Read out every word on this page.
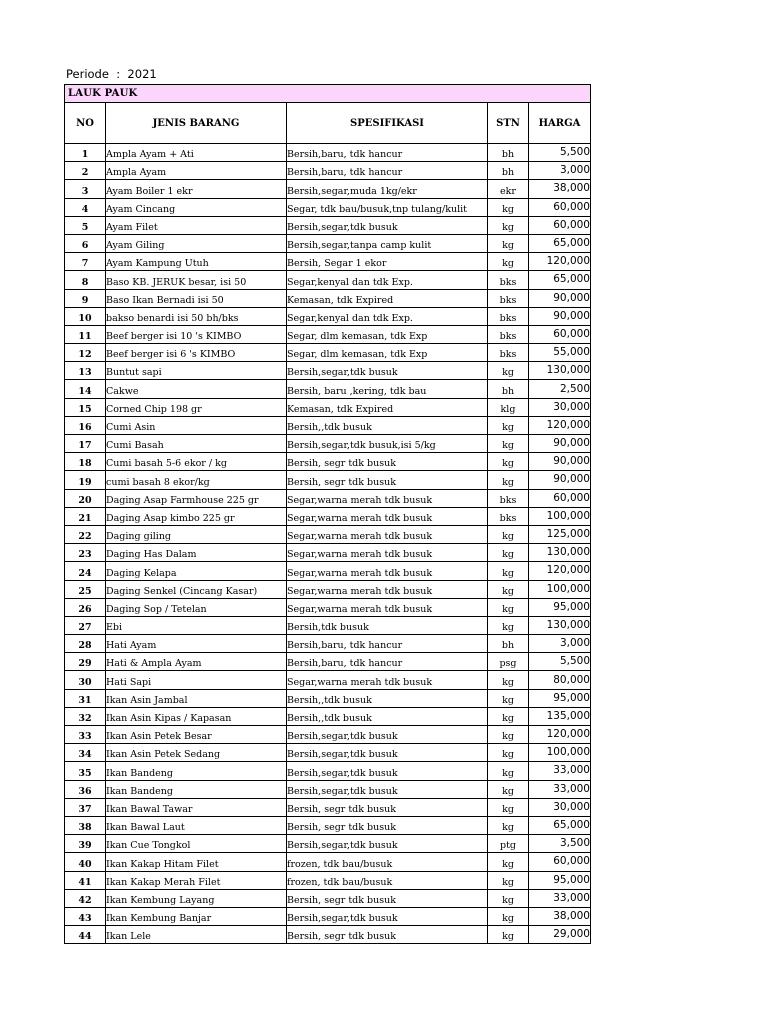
Periode  :  2021
LAUK PAUK				
NO	JENIS BARANG	SPESIFIKASI	STN	HARGA
1	Ampla Ayam + Ati	Bersih,baru, tdk hancur	bh	5,500
2	Ampla Ayam	Bersih,baru, tdk hancur	bh	3,000
3	Ayam Boiler 1 ekr	Bersih,segar,muda 1kg/ekr	ekr	38,000
4	Ayam Cincang	Segar, tdk bau/busuk,tnp tulang/kulit	kg	60,000
5	Ayam Filet	Bersih,segar,tdk busuk	kg	60,000
6	Ayam Giling	Bersih,segar,tanpa camp kulit	kg	65,000
7	Ayam Kampung Utuh	Bersih, Segar 1 ekor	kg	120,000
8	Baso KB. JERUK besar, isi 50	Segar,kenyal dan tdk Exp.	bks	65,000
9	Baso Ikan Bernadi isi 50	Kemasan, tdk Expired	bks	90,000
10	bakso benardi isi 50 bh/bks	Segar,kenyal dan tdk Exp.	bks	90,000
11	Beef berger isi 10 's KIMBO	Segar, dlm kemasan, tdk Exp	bks	60,000
12	Beef berger isi 6 's KIMBO	Segar, dlm kemasan, tdk Exp	bks	55,000
13	Buntut sapi	Bersih,segar,tdk busuk	kg	130,000
14	Cakwe	Bersih, baru ,kering, tdk bau	bh	2,500
15	Corned Chip 198 gr	Kemasan, tdk Expired	klg	30,000
16	Cumi Asin	Bersih,,tdk busuk	kg	120,000
17	Cumi Basah	Bersih,segar,tdk busuk,isi 5/kg	kg	90,000
18	Cumi basah 5-6 ekor / kg	Bersih, segr tdk busuk	kg	90,000
19	cumi basah 8 ekor/kg	Bersih, segr tdk busuk	kg	90,000
20	Daging Asap Farmhouse 225 gr	Segar,warna merah tdk busuk	bks	60,000
21	Daging Asap kimbo 225 gr	Segar,warna merah tdk busuk	bks	100,000
22	Daging giling	Segar,warna merah tdk busuk	kg	125,000
23	Daging Has Dalam	Segar,warna merah tdk busuk	kg	130,000
24	Daging Kelapa	Segar,warna merah tdk busuk	kg	120,000
25	Daging Senkel (Cincang Kasar)	Segar,warna merah tdk busuk	kg	100,000
26	Daging Sop / Tetelan	Segar,warna merah tdk busuk	kg	95,000
27	Ebi	Bersih,tdk busuk	kg	130,000
28	Hati Ayam	Bersih,baru, tdk hancur	bh	3,000
29	Hati & Ampla Ayam	Bersih,baru, tdk hancur	psg	5,500
30	Hati Sapi	Segar,warna merah tdk busuk	kg	80,000
31	Ikan Asin Jambal	Bersih,,tdk busuk	kg	95,000
32	Ikan Asin Kipas / Kapasan	Bersih,,tdk busuk	kg	135,000
33	Ikan Asin Petek Besar	Bersih,segar,tdk busuk	kg	120,000
34	Ikan Asin Petek Sedang	Bersih,segar,tdk busuk	kg	100,000
35	Ikan Bandeng	Bersih,segar,tdk busuk	kg	33,000
36	Ikan Bandeng	Bersih,segar,tdk busuk	kg	33,000
37	Ikan Bawal Tawar	Bersih, segr tdk busuk	kg	30,000
38	Ikan Bawal Laut	Bersih, segr tdk busuk	kg	65,000
39	Ikan Cue Tongkol	Bersih,segar,tdk busuk	ptg	3,500
40	Ikan Kakap Hitam Filet	frozen, tdk bau/busuk	kg	60,000
41	Ikan Kakap Merah Filet	frozen, tdk bau/busuk	kg	95,000
42	Ikan Kembung Layang	Bersih, segr tdk busuk	kg	33,000
43	Ikan Kembung Banjar	Bersih,segar,tdk busuk	kg	38,000
44	Ikan Lele	Bersih, segr tdk busuk	kg	29,000
